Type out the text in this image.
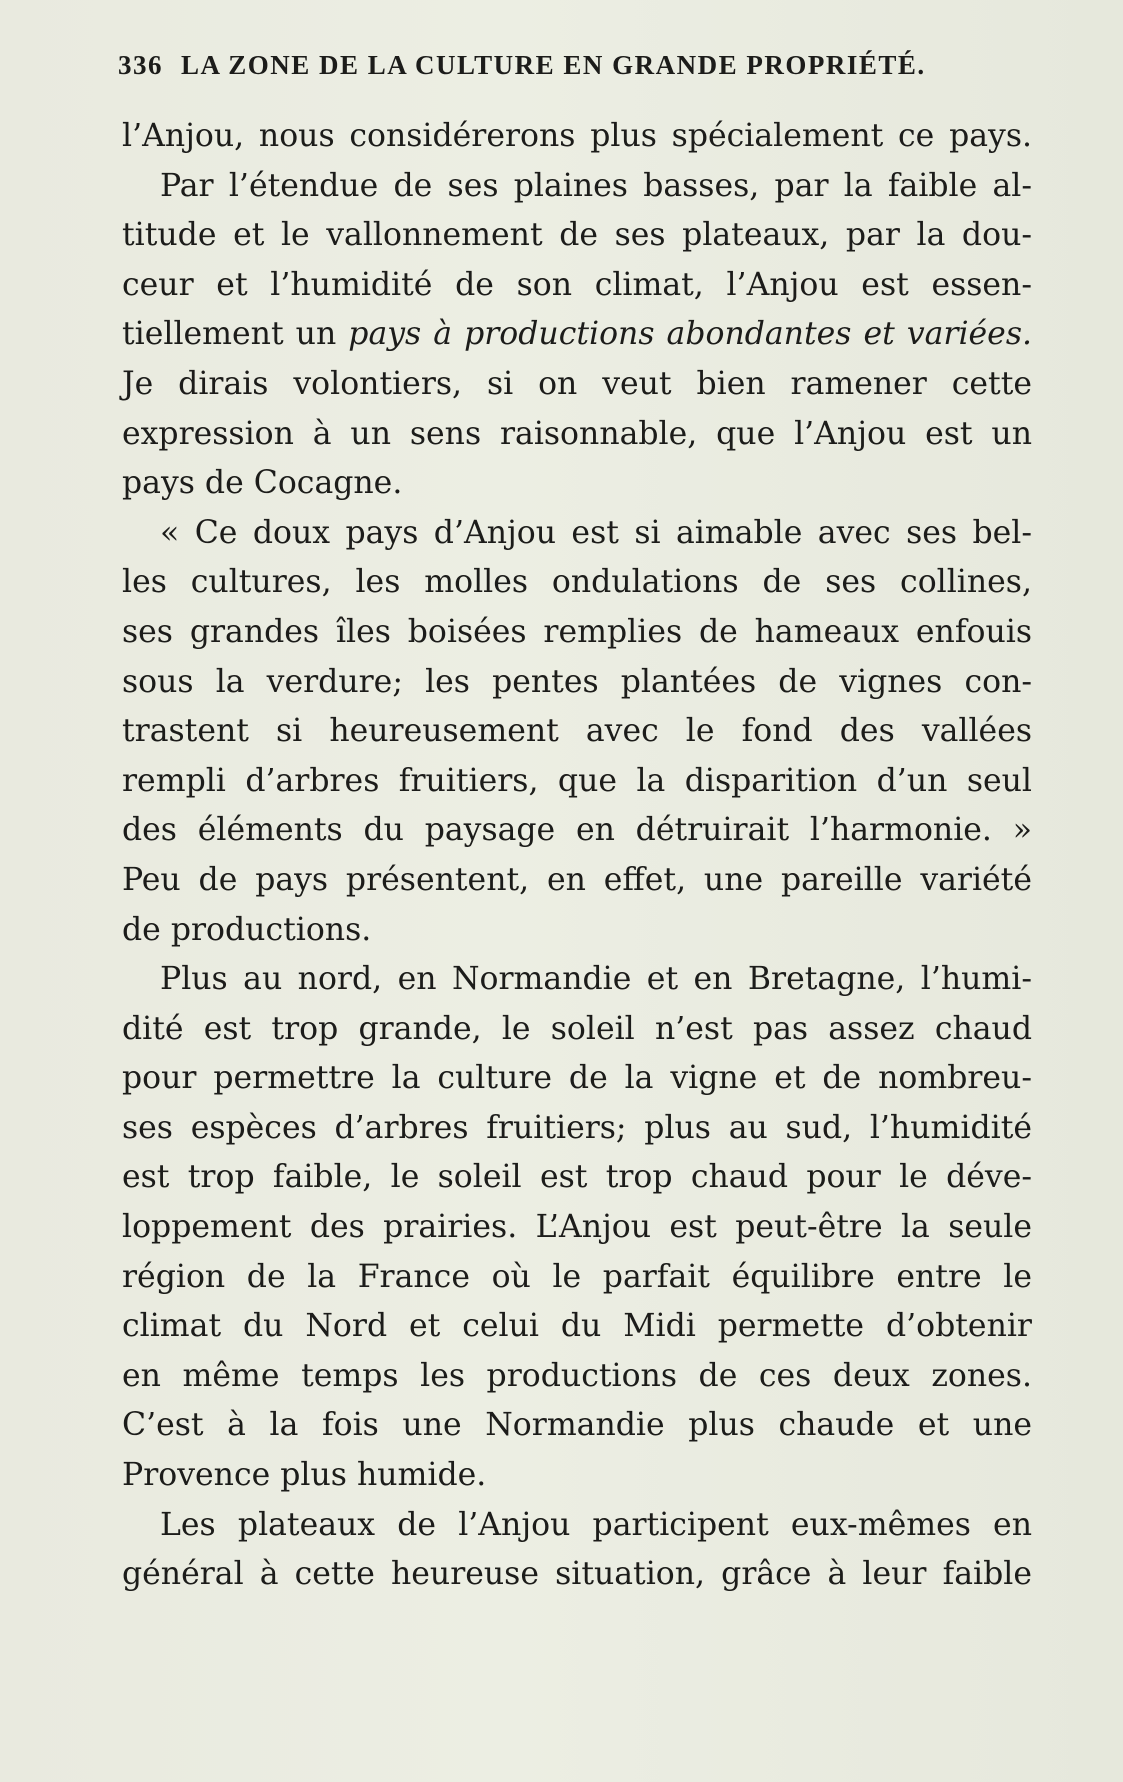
336 LA ZONE DE LA CULTURE EN GRANDE PROPRIÉTÉ.
l’Anjou, nous considérerons plus spécialement ce pays.
Par l’étendue de ses plaines basses, par la faible al-
titude et le vallonnement de ses plateaux, par la dou-
ceur et l’humidité de son climat, l’Anjou est essen-
tiellement un pays à productions abondantes et variées.
Je dirais volontiers, si on veut bien ramener cette
expression à un sens raisonnable, que l’Anjou est un
pays de Cocagne.
« Ce doux pays d’Anjou est si aimable avec ses bel-
les cultures, les molles ondulations de ses collines,
ses grandes îles boisées remplies de hameaux enfouis
sous la verdure; les pentes plantées de vignes con-
trastent si heureusement avec le fond des vallées
rempli d’arbres fruitiers, que la disparition d’un seul
des éléments du paysage en détruirait l’harmonie. »
Peu de pays présentent, en effet, une pareille variété
de productions.
Plus au nord, en Normandie et en Bretagne, l’humi-
dité est trop grande, le soleil n’est pas assez chaud
pour permettre la culture de la vigne et de nombreu-
ses espèces d’arbres fruitiers; plus au sud, l’humidité
est trop faible, le soleil est trop chaud pour le déve-
loppement des prairies. L’Anjou est peut-être la seule
région de la France où le parfait équilibre entre le
climat du Nord et celui du Midi permette d’obtenir
en même temps les productions de ces deux zones.
C’est à la fois une Normandie plus chaude et une
Provence plus humide.
Les plateaux de l’Anjou participent eux-mêmes en
général à cette heureuse situation, grâce à leur faible
